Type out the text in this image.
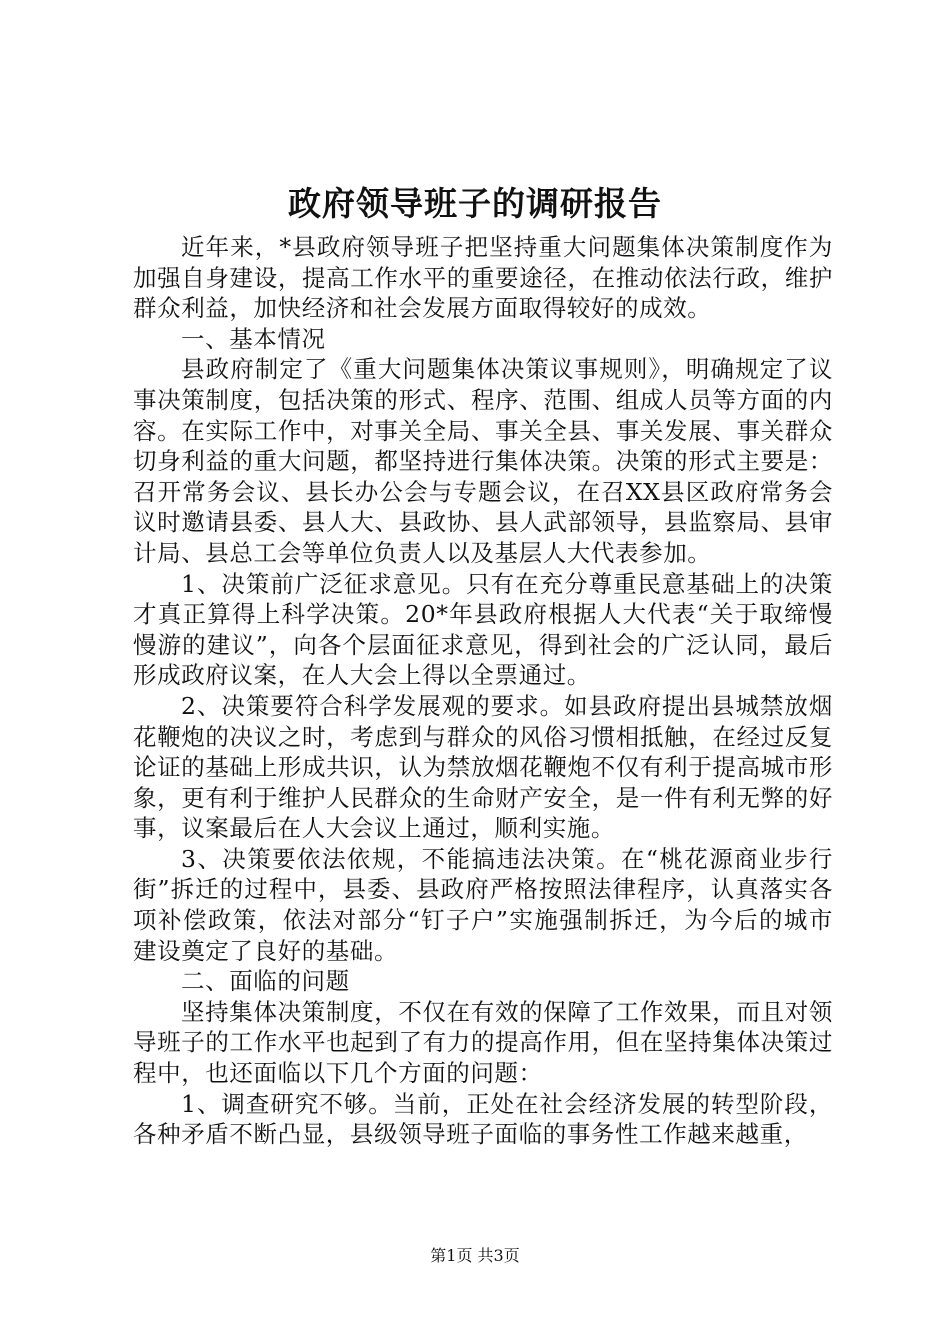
政府领导班子的调研报告

近年来，*县政府领导班子把坚持重大问题集体决策制度作为加强自身建设，提高工作水平的重要途径，在推动依法行政，维护群众利益，加快经济和社会发展方面取得较好的成效。

一、基本情况

县政府制定了《重大问题集体决策议事规则》，明确规定了议事决策制度，包括决策的形式、程序、范围、组成人员等方面的内容。在实际工作中，对事关全局、事关全县、事关发展、事关群众切身利益的重大问题，都坚持进行集体决策。决策的形式主要是：召开常务会议、县长办公会与专题会议，在召XX县区政府常务会议时邀请县委、县人大、县政协、县人武部领导，县监察局、县审计局、县总工会等单位负责人以及基层人大代表参加。

1、决策前广泛征求意见。只有在充分尊重民意基础上的决策才真正算得上科学决策。20*年县政府根据人大代表“关于取缔慢慢游的建议”，向各个层面征求意见，得到社会的广泛认同，最后形成政府议案，在人大会上得以全票通过。

2、决策要符合科学发展观的要求。如县政府提出县城禁放烟花鞭炮的决议之时，考虑到与群众的风俗习惯相抵触，在经过反复论证的基础上形成共识，认为禁放烟花鞭炮不仅有利于提高城市形象，更有利于维护人民群众的生命财产安全，是一件有利无弊的好事，议案最后在人大会议上通过，顺利实施。

3、决策要依法依规，不能搞违法决策。在“桃花源商业步行街”拆迁的过程中，县委、县政府严格按照法律程序，认真落实各项补偿政策，依法对部分“钉子户”实施强制拆迁，为今后的城市建设奠定了良好的基础。

二、面临的问题

坚持集体决策制度，不仅在有效的保障了工作效果，而且对领导班子的工作水平也起到了有力的提高作用，但在坚持集体决策过程中，也还面临以下几个方面的问题：

1、调查研究不够。当前，正处在社会经济发展的转型阶段，各种矛盾不断凸显，县级领导班子面临的事务性工作越来越重，

第1页 共3页
